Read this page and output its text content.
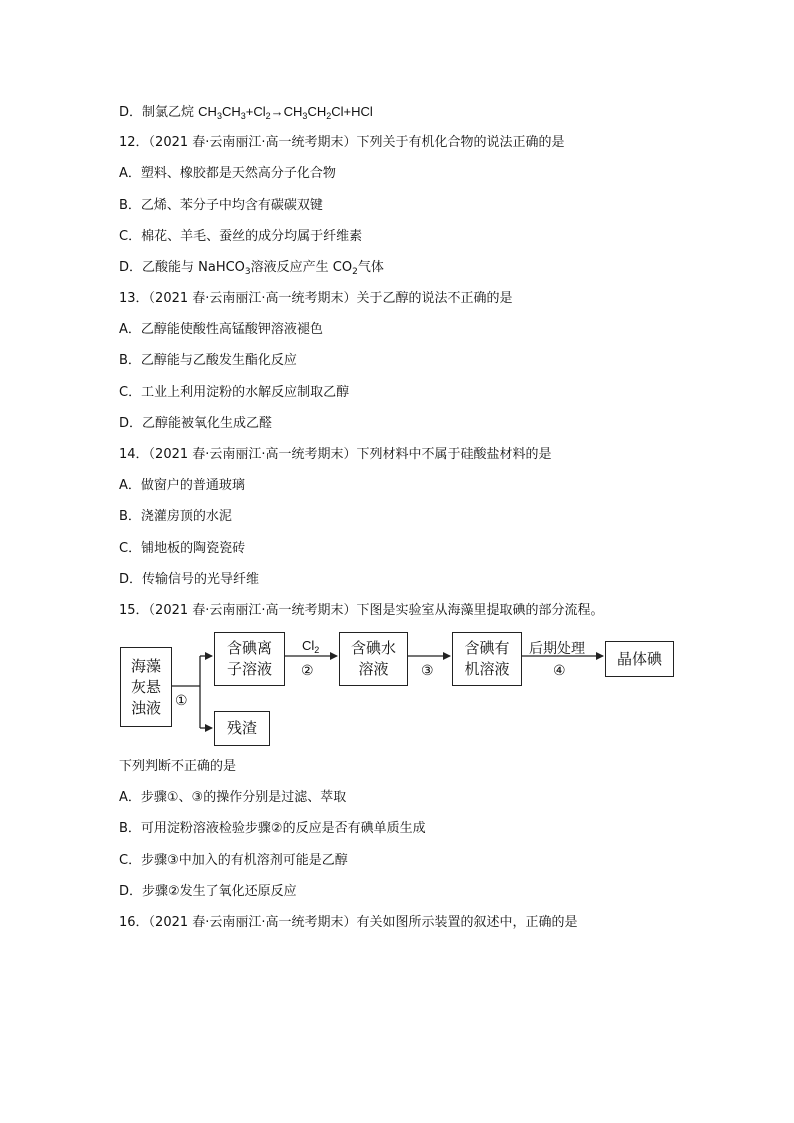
D．制氯乙烷 $CH_3CH_3+Cl_2\to CH_3CH_2Cl+HCl$
12．（2021 春·云南丽江·高一统考期末）下列关于有机化合物的说法正确的是
A．塑料、橡胶都是天然高分子化合物
B．乙烯、苯分子中均含有碳碳双键
C．棉花、羊毛、蚕丝的成分均属于纤维素
D．乙酸能与 NaHCO$_3$溶液反应产生 $CO_2$气体
13．（2021 春·云南丽江·高一统考期末）关于乙醇的说法不正确的是
A．乙醇能使酸性高锰酸钾溶液褪色
B．乙醇能与乙酸发生酯化反应
C．工业上利用淀粉的水解反应制取乙醇
D．乙醇能被氧化生成乙醛
14．（2021 春·云南丽江·高一统考期末）下列材料中不属于硅酸盐材料的是
A．做窗户的普通玻璃
B．浇灌房顶的水泥
C．铺地板的陶瓷瓷砖
D．传输信号的光导纤维
15．（2021 春·云南丽江·高一统考期末）下图是实验室从海藻里提取碘的部分流程。
海藻
灰悬
浊液
含碘离
子溶液
含碘水
溶液
含碘有
机溶液
晶体碘
残渣
①
$Cl_2$
②	③
后期处理
④
下列判断不正确的是
A．步骤①、③的操作分别是过滤、萃取
B．可用淀粉溶液检验步骤②的反应是否有碘单质生成
C．步骤③中加入的有机溶剂可能是乙醇
D．步骤②发生了氧化还原反应
16．（2021 春·云南丽江·高一统考期末）有关如图所示装置的叙述中，正确的是
